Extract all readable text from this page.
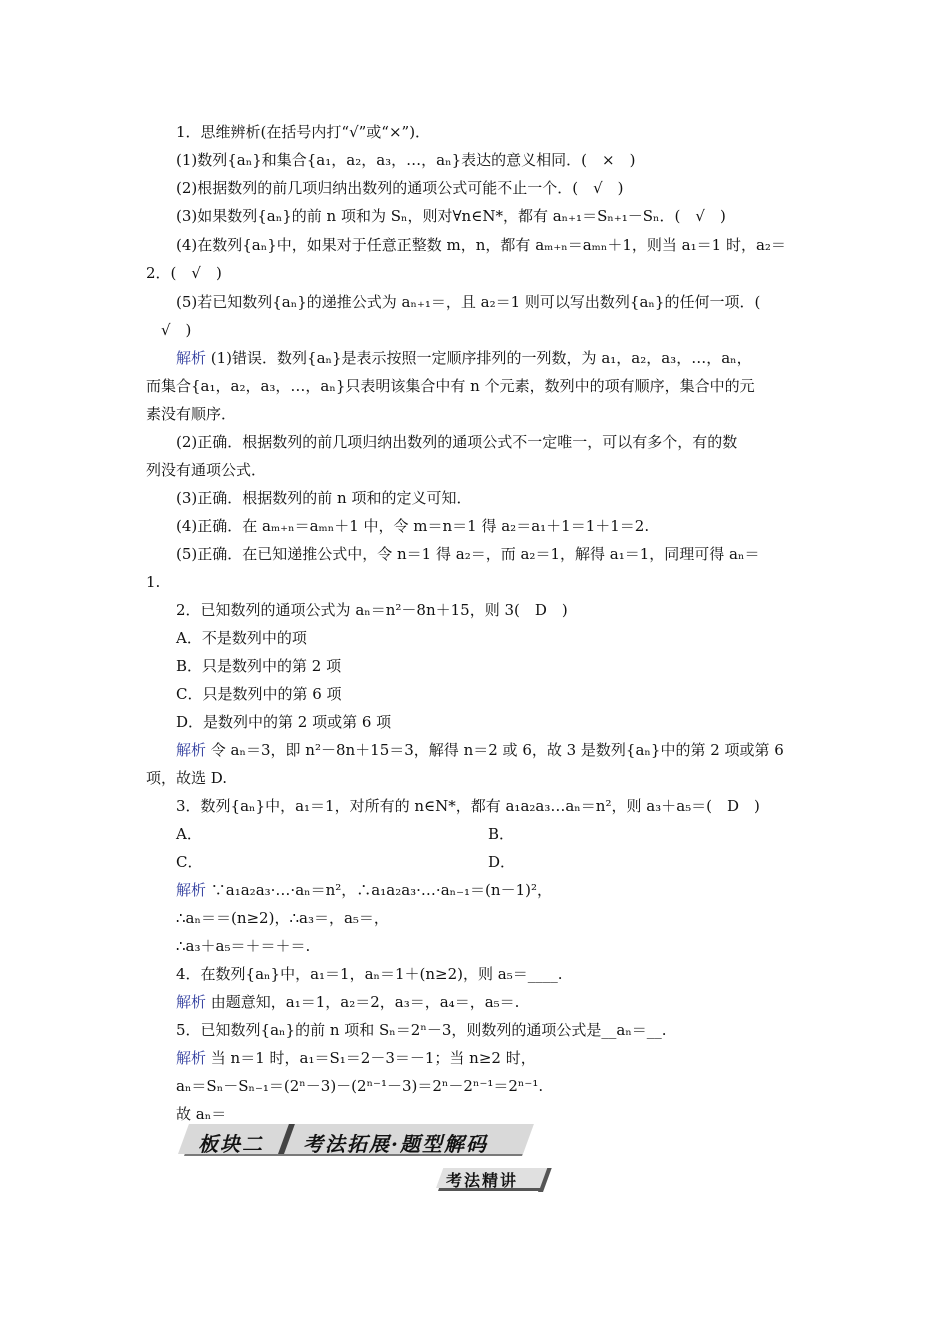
1．思维辨析(在括号内打“√”或“×”)．
(1)数列{aₙ}和集合{a₁，a₂，a₃，…，aₙ}表达的意义相同．(　×　)
(2)根据数列的前几项归纳出数列的通项公式可能不止一个．(　√　)
(3)如果数列{aₙ}的前 n 项和为 Sₙ，则对∀n∈N*，都有 aₙ₊₁＝Sₙ₊₁－Sₙ．(　√　)
(4)在数列{aₙ}中，如果对于任意正整数 m，n，都有 aₘ₊ₙ＝aₘₙ＋1，则当 a₁＝1 时，a₂＝
2．(　√　)
(5)若已知数列{aₙ}的递推公式为 aₙ₊₁＝，且 a₂＝1 则可以写出数列{aₙ}的任何一项．(
　√　)
解析 (1)错误．数列{aₙ}是表示按照一定顺序排列的一列数，为 a₁，a₂，a₃，…，aₙ，
而集合{a₁，a₂，a₃，…，aₙ}只表明该集合中有 n 个元素，数列中的项有顺序，集合中的元
素没有顺序．
(2)正确．根据数列的前几项归纳出数列的通项公式不一定唯一，可以有多个，有的数
列没有通项公式．
(3)正确．根据数列的前 n 项和的定义可知．
(4)正确．在 aₘ₊ₙ＝aₘₙ＋1 中，令 m＝n＝1 得 a₂＝a₁＋1＝1＋1＝2.
(5)正确．在已知递推公式中，令 n＝1 得 a₂＝，而 a₂＝1，解得 a₁＝1，同理可得 aₙ＝
1.
2．已知数列的通项公式为 aₙ＝n²－8n＋15，则 3(　D　)
A．不是数列中的项
B．只是数列中的第 2 项
C．只是数列中的第 6 项
D．是数列中的第 2 项或第 6 项
解析 令 aₙ＝3，即 n²－8n＋15＝3，解得 n＝2 或 6，故 3 是数列{aₙ}中的第 2 项或第 6
项，故选 D.
3．数列{aₙ}中，a₁＝1，对所有的 n∈N*，都有 a₁a₂a₃…aₙ＝n²，则 a₃＋a₅＝(　D　)
A．	B．
C．	D．
解析 ∵a₁a₂a₃·…·aₙ＝n²，∴a₁a₂a₃·…·aₙ₋₁＝(n－1)²，
∴aₙ＝＝(n≥2)，∴a₃＝，a₅＝，
∴a₃＋a₅＝＋＝＋＝.
4．在数列{aₙ}中，a₁＝1，aₙ＝1＋(n≥2)，则 a₅＝____.
解析 由题意知，a₁＝1，a₂＝2，a₃＝，a₄＝，a₅＝.
5．已知数列{aₙ}的前 n 项和 Sₙ＝2ⁿ－3，则数列的通项公式是__aₙ＝__.
解析 当 n＝1 时，a₁＝S₁＝2－3＝－1；当 n≥2 时，
aₙ＝Sₙ－Sₙ₋₁＝(2ⁿ－3)－(2ⁿ⁻¹－3)＝2ⁿ－2ⁿ⁻¹＝2ⁿ⁻¹.
故 aₙ＝
板块二 考法拓展·题型解码
考法精讲
